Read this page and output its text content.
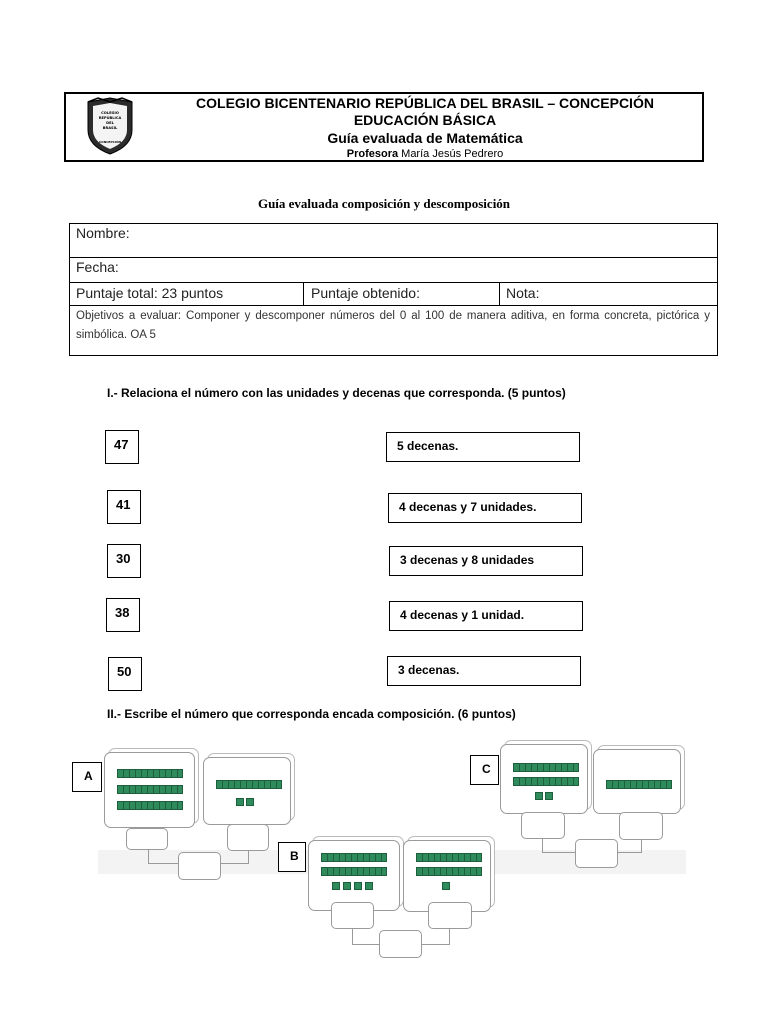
COLEGIO
REPÚBLICA
DEL
BRASIL
CONCEPCIÓN
COLEGIO BICENTENARIO REPÚBLICA DEL BRASIL – CONCEPCIÓN
EDUCACIÓN BÁSICA
Guía evaluada de Matemática
Profesora María Jesús Pedrero
Guía evaluada composición y descomposición
Nombre:
Fecha:
Puntaje total: 23 puntos	Puntaje obtenido:	Nota:
Objetivos a evaluar: Componer y descomponer números del 0 al 100 de manera aditiva, en forma concreta, pictórica y simbólica. OA 5
I.- Relaciona el número con las unidades y decenas que corresponda. (5 puntos)
47
41
30
38
50
5 decenas.
4 decenas y 7 unidades.
3 decenas y 8 unidades
4 decenas y 1 unidad.
3 decenas.
II.- Escribe el número que corresponda encada composición. (6 puntos)
A
B
C
